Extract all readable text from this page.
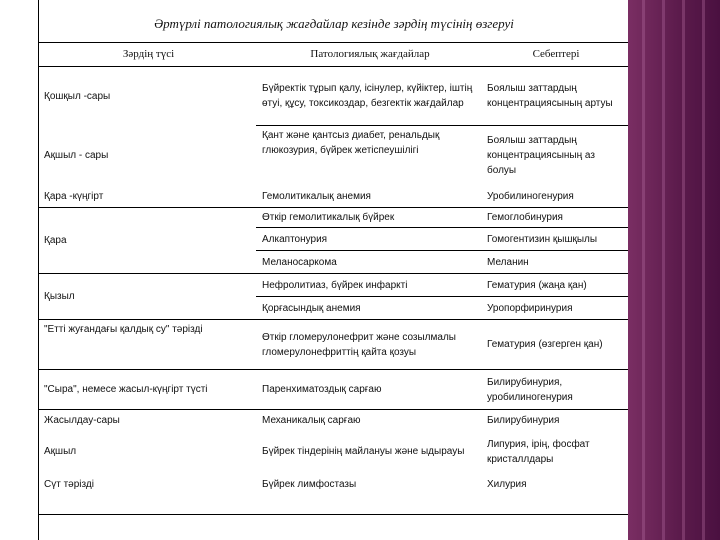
Әртүрлі патологиялық жағдайлар кезінде зәрдің түсінің өзгеруі
Зәрдің түсі	Патологиялық жағдайлар	Себептері
Қошқыл -сары	Бүйректік тұрып қалу, ісінулер, күйіктер, іштің өтуі, құсу, токсикоздар, безгектік жағдайлар	Боялыш заттардың концентрациясының артуы
Ақшыл - сары	Қант және қантсыз диабет, ренальдық глюкозурия, бүйрек жетіспеушілігі	Боялыш заттардың концентрациясының аз болуы
Қара -күңгірт	Гемолитикалық анемия	Уробилиногенурия
Қара	Өткір гемолитикалық бүйрек	Гемоглобинурия
	Алкаптонурия	Гомогентизин қышқылы
	Меланосаркома	Меланин
Қызыл	Нефролитиаз, бүйрек инфаркті	Гематурия (жаңа қан)
	Қорғасындық анемия	Уропорфиринурия
"Етті жуғандағы қалдық су" тәрізді	Өткір гломерулонефрит және созылмалы гломерулонефриттің қайта қозуы	Гематурия (өзгерген қан)
"Сыра", немесе жасыл-күңгірт түсті	Паренхиматоздық сарғаю	Билирубинурия, уробилиногенурия
Жасылдау-сары	Механикалық сарғаю	Билирубинурия
Ақшыл	Бүйрек тіндерінің майлануы және ыдырауы	Липурия, ірің, фосфат кристаллдары
Сүт тәрізді	Бүйрек лимфостазы	Хилурия
